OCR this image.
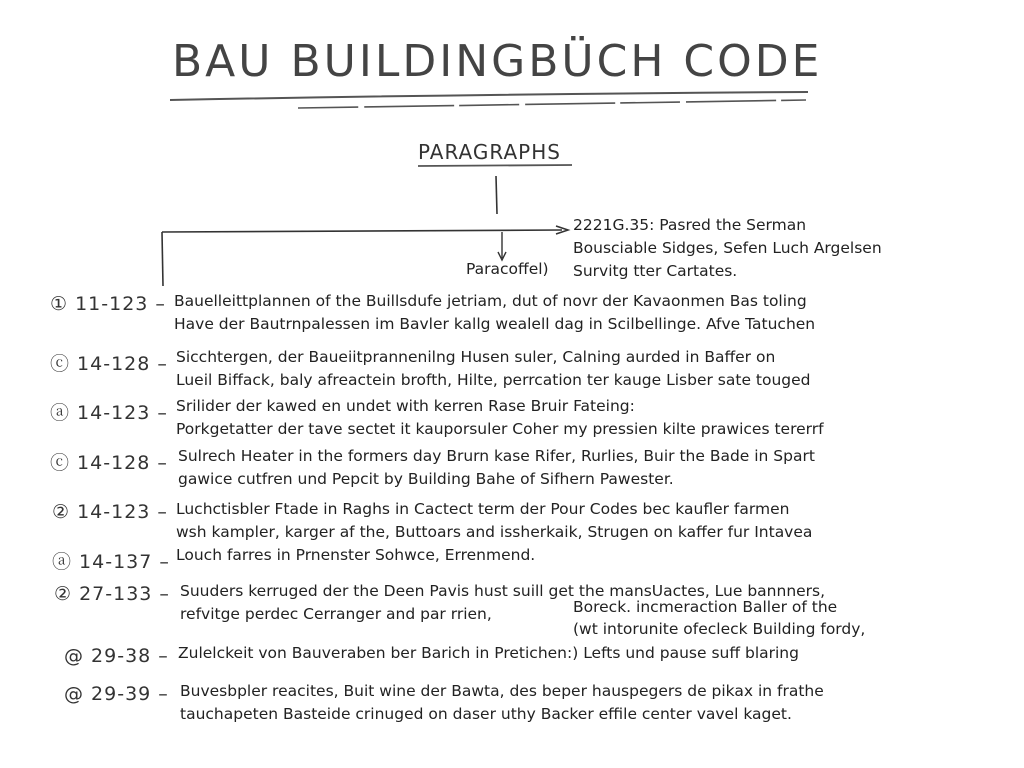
BAU BUILDINGBÜCH CODE
PARAGRAPHS
2221G.35: Pasred the Serman
Bousciable Sidges, Sefen Luch Argelsen
Survitg tter Cartates.
Paracoffel)
① 11-123 – Bauelleittplannen of the Buillsdufe jetriam, dut of novr der Kavaonmen Bas toling
Have der Bautrnpalessen im Bavler kallg wealell dag in Scilbellinge. Afve Tatuchen
ⓒ 14-128 – Sicchtergen, der Baueiitprannenilng Husen suler, Calning aurded in Baffer on
Lueil Biffack, baly afreactein brofth, Hilte, perrcation ter kauge Lisber sate touged
ⓐ 14-123 – Srilider der kawed en undet with kerren Rase Bruir Fateing:
Porkgetatter der tave sectet it kauporsuler Coher my pressien kilte prawices tererrf
ⓒ 14-128 – Sulrech Heater in the formers day Brurn kase Rifer, Rurlies, Buir the Bade in Spart
gawice cutfren und Pepcit by Building Bahe of Sifhern Pawester.
② 14-123 – Luchctisbler Ftade in Raghs in Cactect term der Pour Codes bec kaufler farmen
wsh kampler, karger af the, Buttoars and issherkaik, Strugen on kaffer fur Intavea
ⓐ 14-137 – Louch farres in Prnenster Sohwce, Errenmend.
② 27-133 – Suuders kerruged der the Deen Pavis hust suill get the mansUactes, Lue bannners,
refvitge perdec Cerranger and par rrien,	Boreck. incmeraction Baller of the
(wt intorunite ofecleck Building fordy,
@ 29-38 – Zulelckeit von Bauveraben ber Barich in Pretichen:) Lefts und pause suff blaring
@ 29-39 – Buvesbpler reacites, Buit wine der Bawta, des beper hauspegers de pikax in frathe
tauchapeten Basteide crinuged on daser uthy Backer effile center vavel kaget.
